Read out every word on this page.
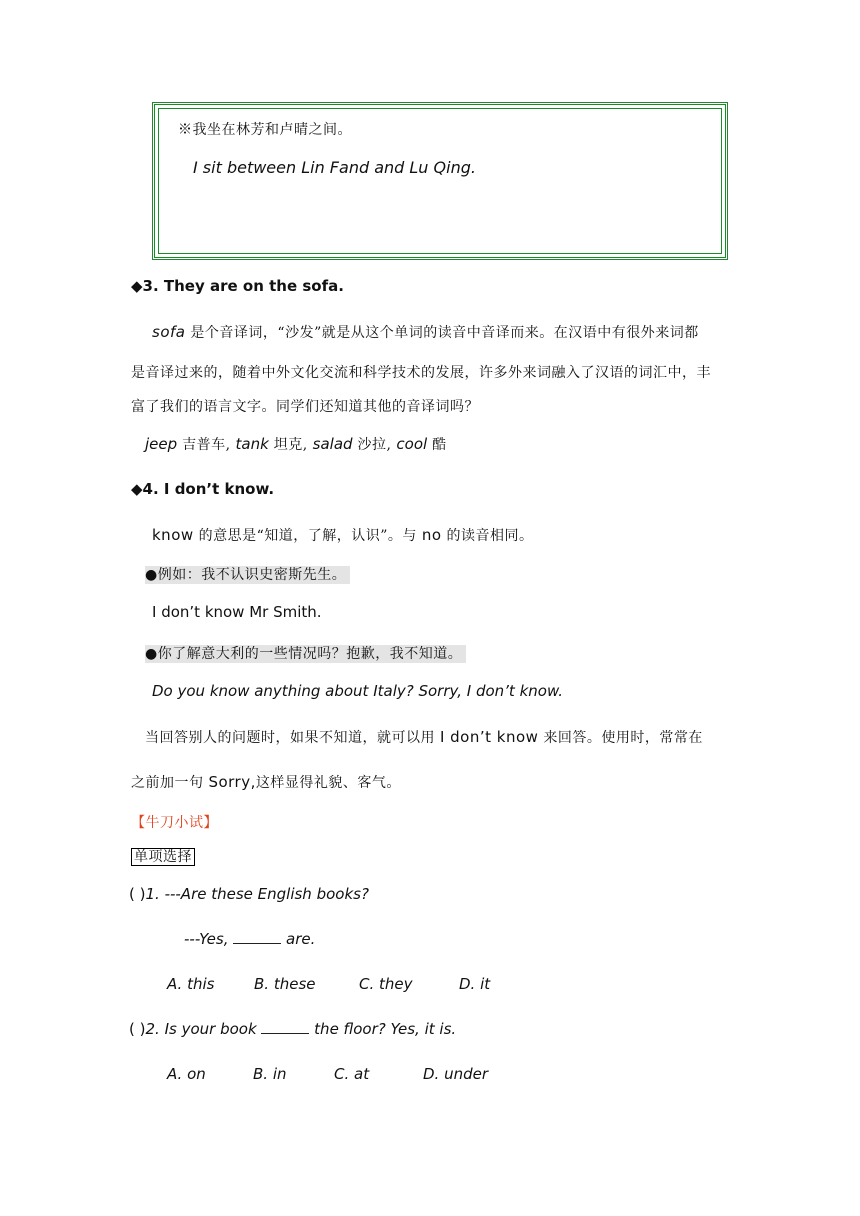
※我坐在林芳和卢晴之间。
I sit between Lin Fand and Lu Qing.
◆3. They are on the sofa.
sofa 是个音译词，“沙发”就是从这个单词的读音中音译而来。在汉语中有很外来词都
是音译过来的，随着中外文化交流和科学技术的发展，许多外来词融入了汉语的词汇中，丰
富了我们的语言文字。同学们还知道其他的音译词吗？
jeep 吉普车, tank 坦克, salad 沙拉, cool 酷
◆4. I don’t know.
know 的意思是“知道，了解，认识”。与 no 的读音相同。
●例如：我不认识史密斯先生。
I don’t know Mr Smith.
●你了解意大利的一些情况吗？抱歉，我不知道。
Do you know anything about Italy? Sorry, I don’t know.
当回答别人的问题时，如果不知道，就可以用 I don’t know 来回答。使用时，常常在
之前加一句 Sorry,这样显得礼貌、客气。
【牛刀小试】
单项选择
( )1. ---Are these English books?
---Yes,	are.
A. this	B. these	C. they	D. it
( )2. Is your book	the floor? Yes, it is.
A. on	B. in	C. at	D. under
